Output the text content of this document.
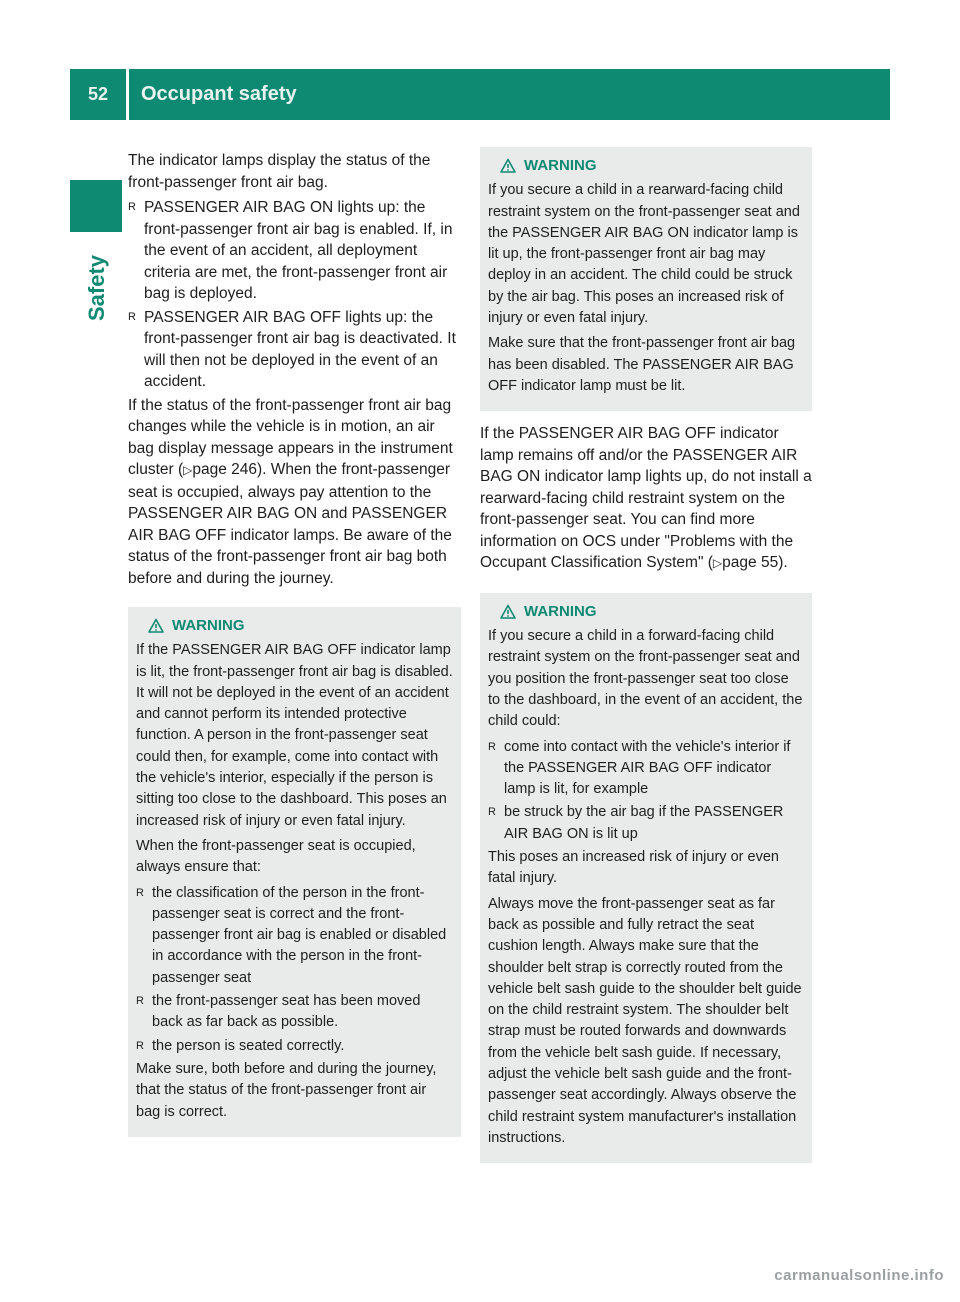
52	Occupant safety
Safety

The indicator lamps display the status of the front-passenger front air bag.

R PASSENGER AIR BAG ON lights up: the front-passenger front air bag is enabled. If, in the event of an accident, all deployment criteria are met, the front-passenger front air bag is deployed.
R PASSENGER AIR BAG OFF lights up: the front-passenger front air bag is deactivated. It will then not be deployed in the event of an accident.

If the status of the front-passenger front air bag changes while the vehicle is in motion, an air bag display message appears in the instrument cluster (▷page 246). When the front-passenger seat is occupied, always pay attention to the PASSENGER AIR BAG ON and PASSENGER AIR BAG OFF indicator lamps. Be aware of the status of the front-passenger front air bag both before and during the journey.

WARNING

If the PASSENGER AIR BAG OFF indicator lamp is lit, the front-passenger front air bag is disabled. It will not be deployed in the event of an accident and cannot perform its intended protective function. A person in the front-passenger seat could then, for example, come into contact with the vehicle's interior, especially if the person is sitting too close to the dashboard. This poses an increased risk of injury or even fatal injury.

When the front-passenger seat is occupied, always ensure that:

R the classification of the person in the front-passenger seat is correct and the front-passenger front air bag is enabled or disabled in accordance with the person in the front-passenger seat
R the front-passenger seat has been moved back as far back as possible.
R the person is seated correctly.

Make sure, both before and during the journey, that the status of the front-passenger front air bag is correct.

WARNING

If you secure a child in a rearward-facing child restraint system on the front-passenger seat and the PASSENGER AIR BAG ON indicator lamp is lit up, the front-passenger front air bag may deploy in an accident. The child could be struck by the air bag. This poses an increased risk of injury or even fatal injury.

Make sure that the front-passenger front air bag has been disabled. The PASSENGER AIR BAG OFF indicator lamp must be lit.

If the PASSENGER AIR BAG OFF indicator lamp remains off and/or the PASSENGER AIR BAG ON indicator lamp lights up, do not install a rearward-facing child restraint system on the front-passenger seat. You can find more information on OCS under "Problems with the Occupant Classification System" (▷page 55).

WARNING

If you secure a child in a forward-facing child restraint system on the front-passenger seat and you position the front-passenger seat too close to the dashboard, in the event of an accident, the child could:

R come into contact with the vehicle's interior if the PASSENGER AIR BAG OFF indicator lamp is lit, for example
R be struck by the air bag if the PASSENGER AIR BAG ON is lit up

This poses an increased risk of injury or even fatal injury.

Always move the front-passenger seat as far back as possible and fully retract the seat cushion length. Always make sure that the shoulder belt strap is correctly routed from the vehicle belt sash guide to the shoulder belt guide on the child restraint system. The shoulder belt strap must be routed forwards and downwards from the vehicle belt sash guide. If necessary, adjust the vehicle belt sash guide and the front-passenger seat accordingly. Always observe the child restraint system manufacturer's installation instructions.

carmanualsonline.info
